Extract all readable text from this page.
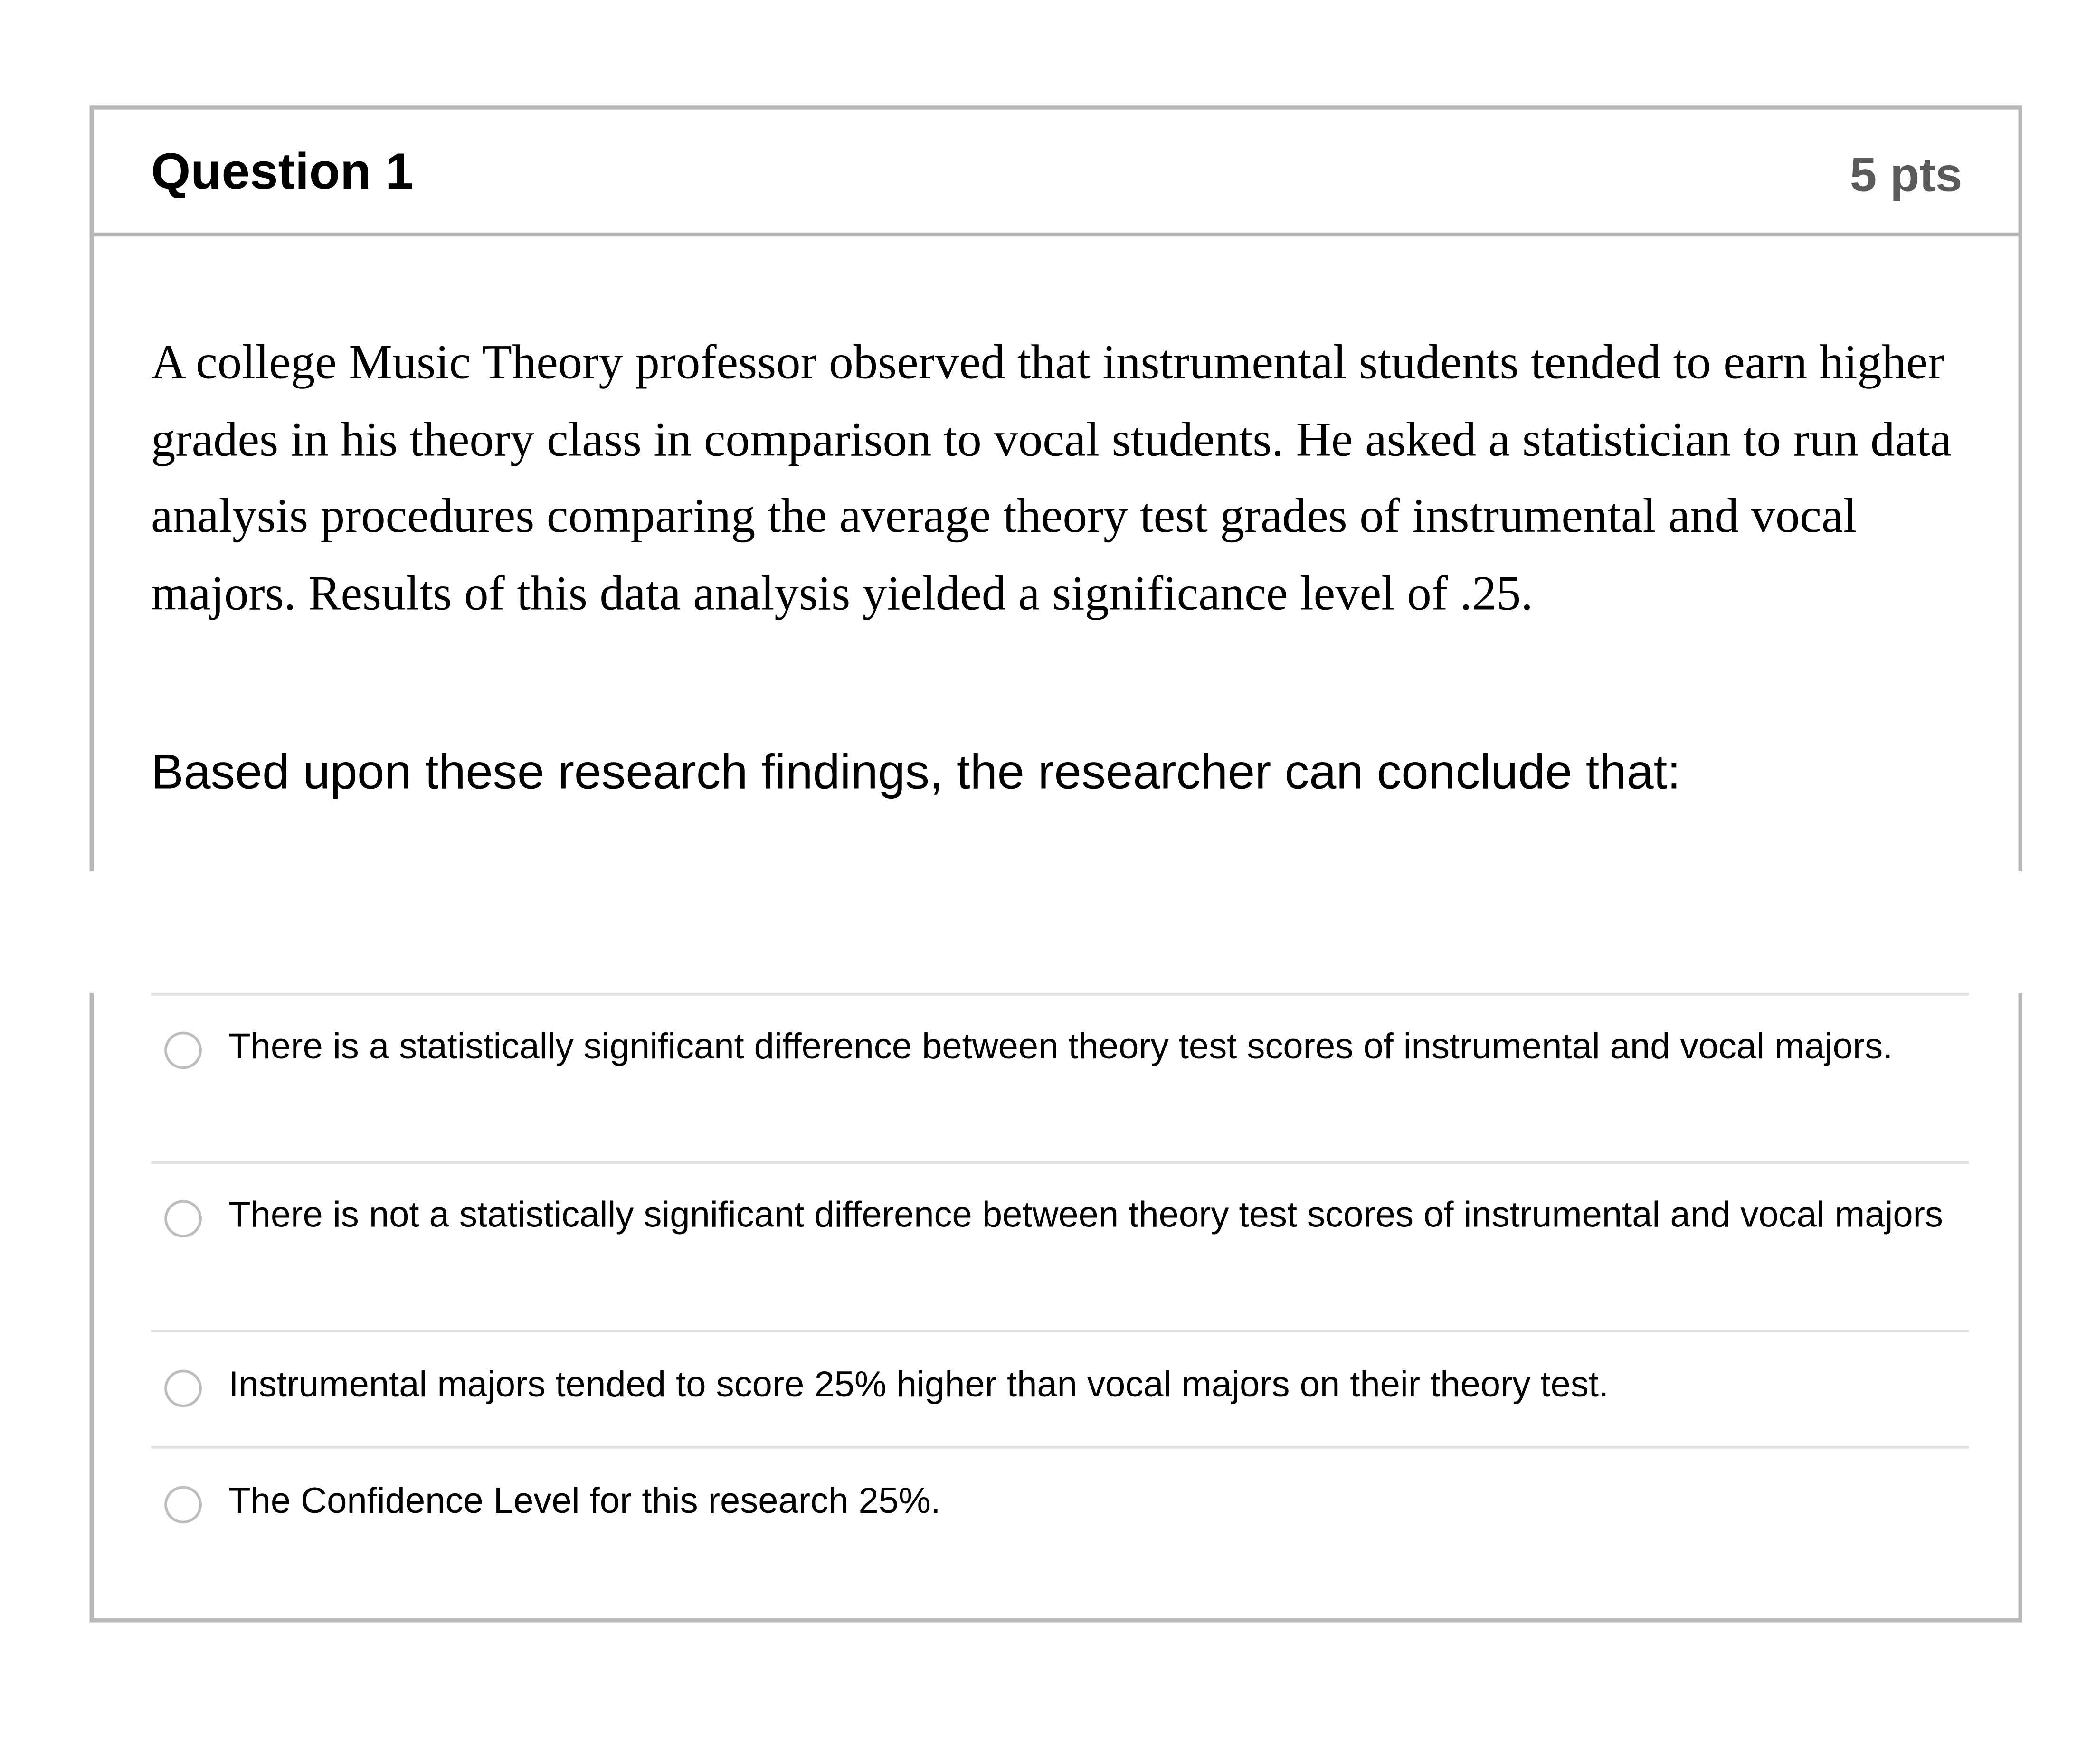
Question 1	5 pts

A college Music Theory professor observed that instrumental students tended to earn higher grades in his theory class in comparison to vocal students. He asked a statistician to run data analysis procedures comparing the average theory test grades of instrumental and vocal majors. Results of this data analysis yielded a significance level of .25.

Based upon these research findings, the researcher can conclude that:

There is a statistically significant difference between theory test scores of instrumental and vocal majors.
There is not a statistically significant difference between theory test scores of instrumental and vocal majors
Instrumental majors tended to score 25% higher than vocal majors on their theory test.
The Confidence Level for this research 25%.
